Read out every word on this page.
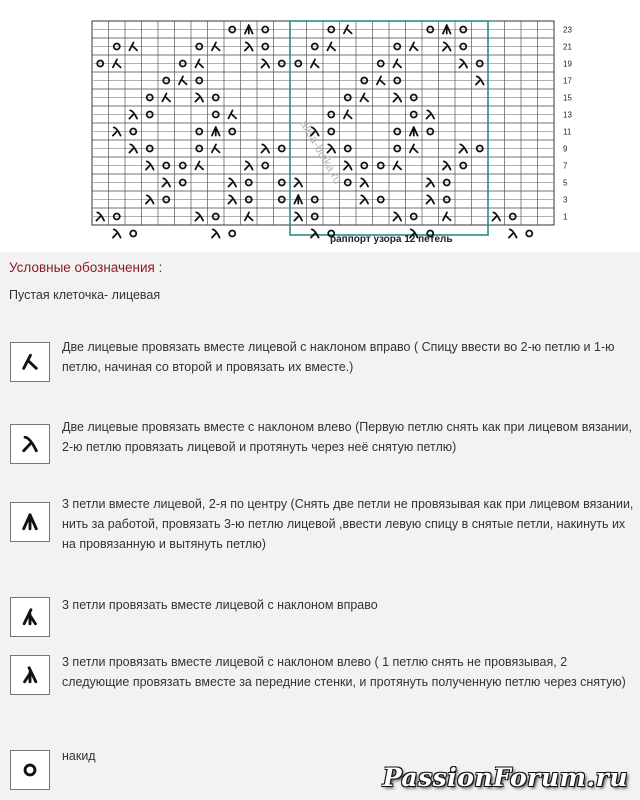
alisa-bulka.ru
23
21
19
17
15
13
11
9
7
5
3
1
раппорт узора 12 петель
Условные обозначения :
Пустая клеточка- лицевая
Две лицевые провязать вместе лицевой с наклоном вправо ( Спицу ввести во 2-ю петлю и 1-ю петлю, начиная со второй и провязать их вместе.)
Две лицевые провязать вместе с наклоном влево (Первую петлю снять как при лицевом вязании, 2-ю петлю провязать лицевой и протянуть через неё снятую петлю)
3 петли вместе лицевой, 2-я по центру (Снять две петли не провязывая как при лицевом вязании, нить за работой, провязать 3-ю петлю лицевой ,ввести левую спицу в снятые петли, накинуть их на провязанную и вытянуть петлю)
3 петли провязать вместе лицевой с наклоном вправо
3 петли провязать вместе лицевой с наклоном влево ( 1 петлю снять не провязывая, 2 следующие провязать вместе за передние стенки, и протянуть полученную петлю через снятую)
накид
PassionForum.ru
